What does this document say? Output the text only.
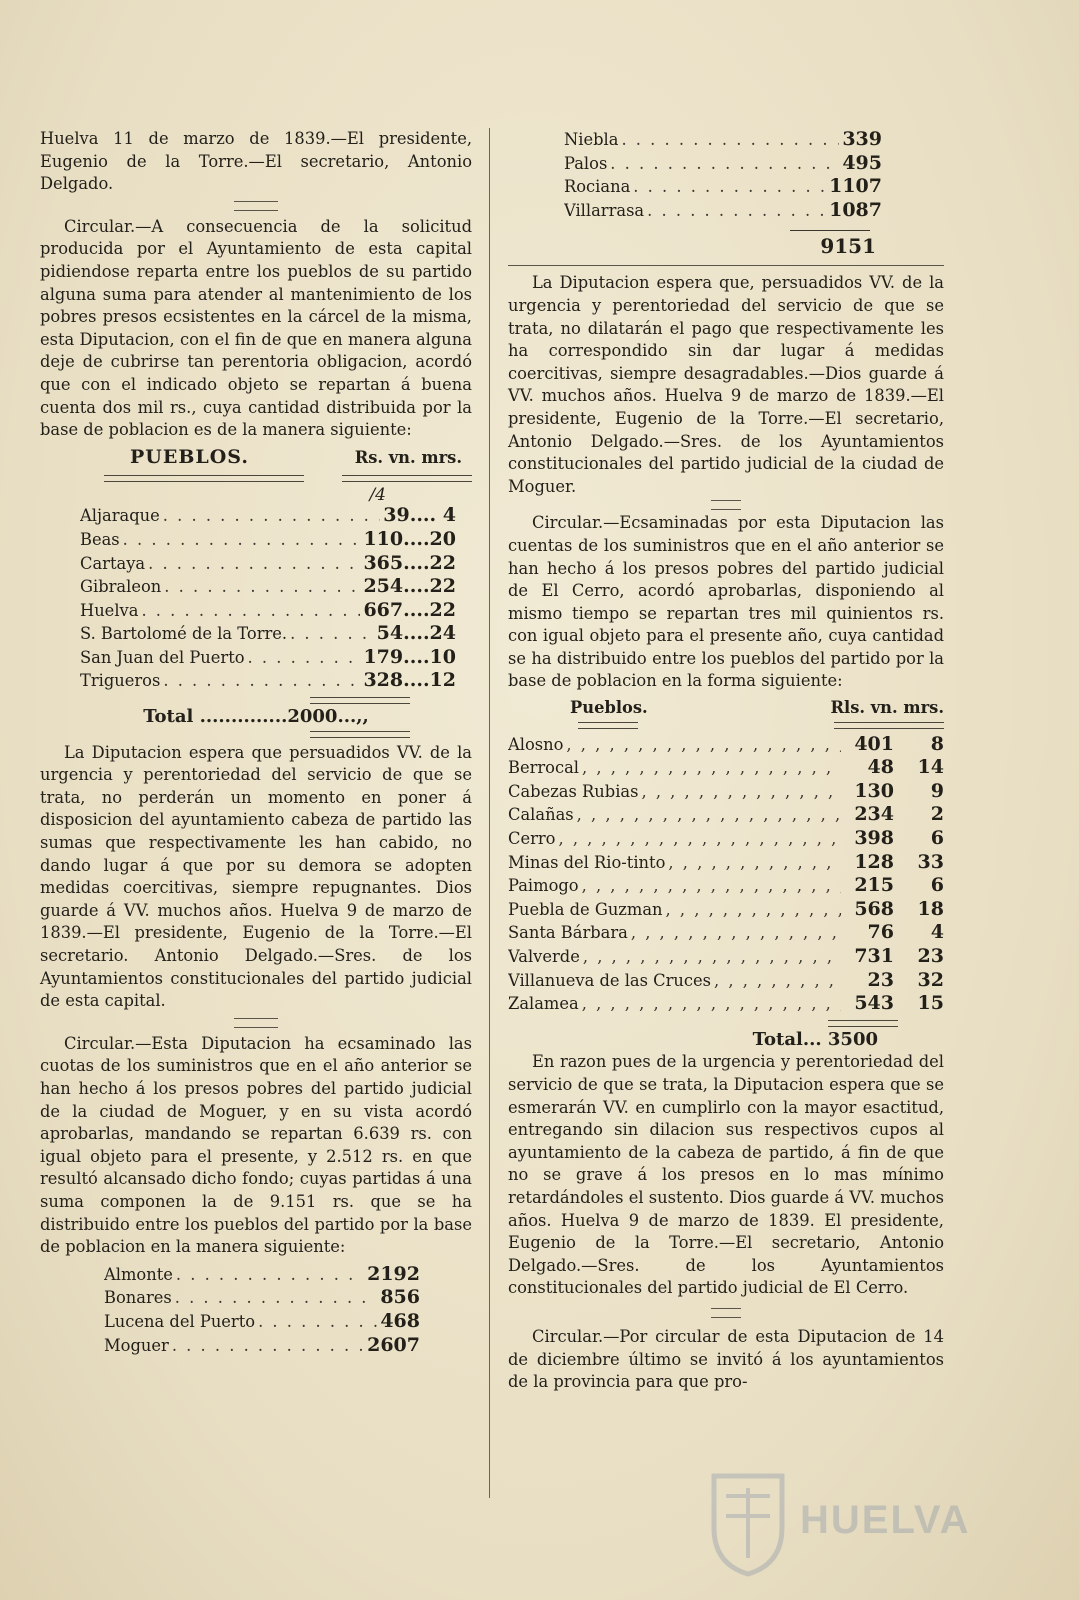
Huelva 11 de marzo de 1839.—El presidente, Eugenio de la Torre.—El secretario, Antonio Delgado.

Circular.—A consecuencia de la solicitud producida por el Ayuntamiento de esta capital pidiendose reparta entre los pueblos de su partido alguna suma para atender al mantenimiento de los pobres presos ecsistentes en la cárcel de la misma, esta Diputacion, con el fin de que en manera alguna deje de cubrirse tan perentoria obligacion, acordó que con el indicado objeto se repartan á buena cuenta dos mil rs., cuya cantidad distribuida por la base de poblacion es de la manera siguiente:

PUEBLOS.	Rs. vn. mrs.
/4
Aljaraque . . .	39.... 4
Beas . . .	110....20
Cartaya . . .	365....22
Gibraleon . . .	254....22
Huelva . . .	667....22
S. Bartolomé de la Torre. . . .	54....24
San Juan del Puerto . . .	179....10
Trigueros . . .	328....12
Total ..............2000...,,

La Diputacion espera que persuadidos VV. de la urgencia y perentoriedad del servicio de que se trata, no perderán un momento en poner á disposicion del ayuntamiento cabeza de partido las sumas que respectivamente les han cabido, no dando lugar á que por su demora se adopten medidas coercitivas, siempre repugnantes. Dios guarde á VV. muchos años. Huelva 9 de marzo de 1839.—El presidente, Eugenio de la Torre.—El secretario. Antonio Delgado.—Sres. de los Ayuntamientos constitucionales del partido judicial de esta capital.

Circular.—Esta Diputacion ha ecsaminado las cuotas de los suministros que en el año anterior se han hecho á los presos pobres del partido judicial de la ciudad de Moguer, y en su vista acordó aprobarlas, mandando se repartan 6.639 rs. con igual objeto para el presente, y 2.512 rs. en que resultó alcansado dicho fondo; cuyas partidas á una suma componen la de 9.151 rs. que se ha distribuido entre los pueblos del partido por la base de poblacion en la manera siguiente:

Almonte . . .	2192
Bonares . . .	856
Lucena del Puerto . . .	468
Moguer . . .	2607
Niebla . . .	339
Palos . . .	495
Rociana . . .	1107
Villarrasa . . .	1087
9151

La Diputacion espera que, persuadidos VV. de la urgencia y perentoriedad del servicio de que se trata, no dilatarán el pago que respectivamente les ha correspondido sin dar lugar á medidas coercitivas, siempre desagradables.—Dios guarde á VV. muchos años. Huelva 9 de marzo de 1839.—El presidente, Eugenio de la Torre.—El secretario, Antonio Delgado.—Sres. de los Ayuntamientos constitucionales del partido judicial de la ciudad de Moguer.

Circular.—Ecsaminadas por esta Diputacion las cuentas de los suministros que en el año anterior se han hecho á los presos pobres del partido judicial de El Cerro, acordó aprobarlas, disponiendo al mismo tiempo se repartan tres mil quinientos rs. con igual objeto para el presente año, cuya cantidad se ha distribuido entre los pueblos del partido por la base de poblacion en la forma siguiente:

Pueblos.	Rls. vn. mrs.
Alosno , , , , , , , , , , , , , , , , , , , , , , , , , , , , , , , , , , , , , , , , , , , , , , , , , , , , , , , , , , , , , , , , , , , , ,	401	8
Berrocal , , , , , , , , , , , , , , , , , , , , , , , , , , , , , , , , , , , , , , , , , , , , , , , , , , , , , , , , , , , , , , , , , , , , ,	48	14
Cabezas Rubias , , , , , , , , , , , , , , , , , , , , , , , , , , , , , , , , , , , , , , , , , , , , , , , , , , , , , , , , , , , , , , , , , , , , ,	130	9
Calañas , , , , , , , , , , , , , , , , , , , , , , , , , , , , , , , , , , , , , , , , , , , , , , , , , , , , , , , , , , , , , , , , , , , , ,	234	2
Cerro , , , , , , , , , , , , , , , , , , , , , , , , , , , , , , , , , , , , , , , , , , , , , , , , , , , , , , , , , , , , , , , , , , , , ,	398	6
Minas del Rio-tinto , , , , , , , , , , , , , , , , , , , , , , , , , , , , , , , , , , , , , , , , , , , , , , , , , , , , , , , , , , , , , , , , , , , , ,	128	33
Paimogo , , , , , , , , , , , , , , , , , , , , , , , , , , , , , , , , , , , , , , , , , , , , , , , , , , , , , , , , , , , , , , , , , , , , ,	215	6
Puebla de Guzman , , , , , , , , , , , , , , , , , , , , , , , , , , , , , , , , , , , , , , , , , , , , , , , , , , , , , , , , , , , , , , , , , , , , ,	568	18
Santa Bárbara , , , , , , , , , , , , , , , , , , , , , , , , , , , , , , , , , , , , , , , , , , , , , , , , , , , , , , , , , , , , , , , , , , , , ,	76	4
Valverde , , , , , , , , , , , , , , , , , , , , , , , , , , , , , , , , , , , , , , , , , , , , , , , , , , , , , , , , , , , , , , , , , , , , ,	731	23
Villanueva de las Cruces , , , , , , , , , , , , , , , , , , , , , , , , , , , , , , , , , , , , , , , , , , , , , , , , , , , , , , , , , , , , , , , , , , , , ,	23	32
Zalamea , , , , , , , , , , , , , , , , , , , , , , , , , , , , , , , , , , , , , , , , , , , , , , , , , , , , , , , , , , , , , , , , , , , , ,	543	15
Total... 3500

En razon pues de la urgencia y perentoriedad del servicio de que se trata, la Diputacion espera que se esmerarán VV. en cumplirlo con la mayor esactitud, entregando sin dilacion sus respectivos cupos al ayuntamiento de la cabeza de partido, á fin de que no se grave á los presos en lo mas mínimo retardándoles el sustento. Dios guarde á VV. muchos años. Huelva 9 de marzo de 1839. El presidente, Eugenio de la Torre.—El secretario, Antonio Delgado.—Sres. de los Ayuntamientos constitucionales del partido judicial de El Cerro.

Circular.—Por circular de esta Diputacion de 14 de diciembre último se invitó á los ayuntamientos de la provincia para que pro-

HUELVA
